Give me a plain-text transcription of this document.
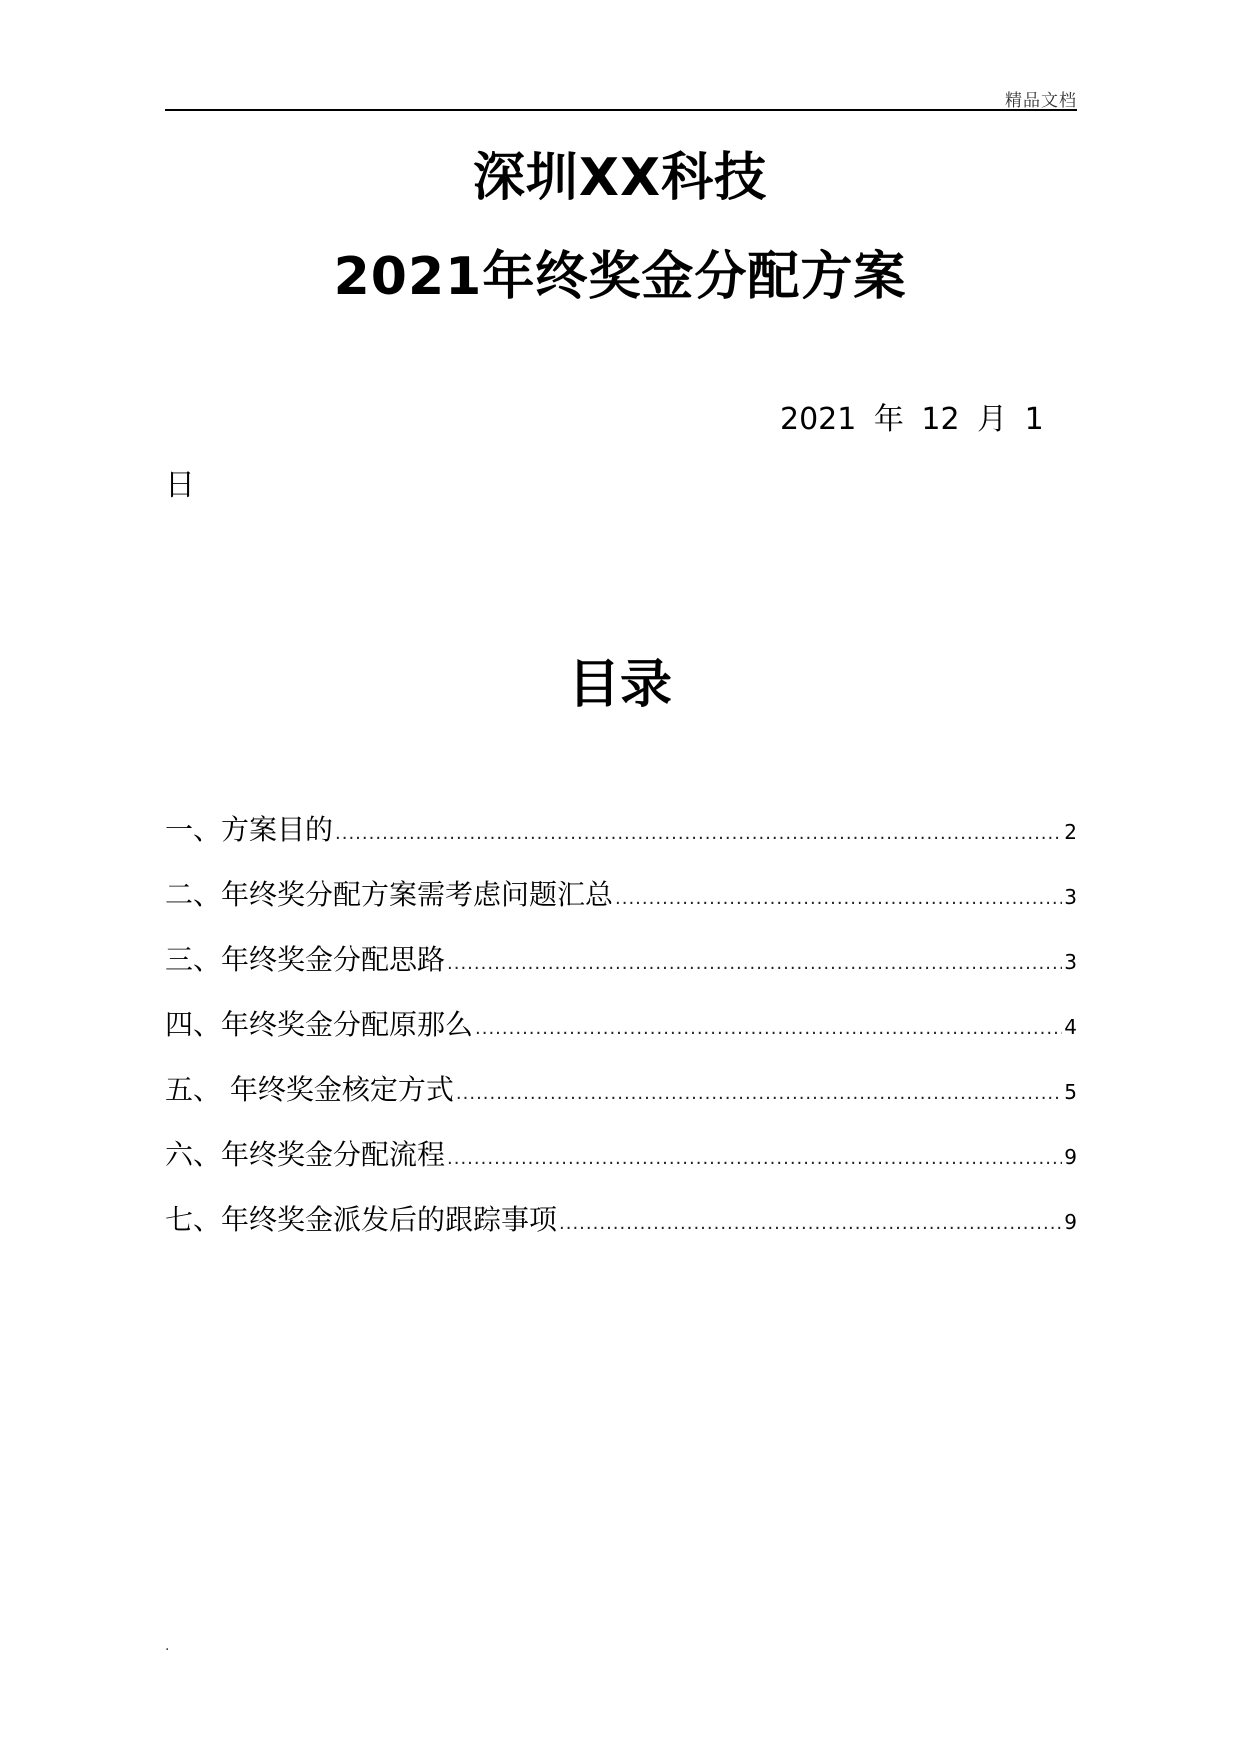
精品文档
深圳XX科技
2021年终奖金分配方案
2021 年 12 月 1
日
目录
一、方案目的 .....	2
二、年终奖分配方案需考虑问题汇总 .....	3
三、年终奖金分配思路 .....	3
四、年终奖金分配原那么 .....	4
五、 年终奖金核定方式 .....	5
六、年终奖金分配流程 .....	9
七、年终奖金派发后的跟踪事项 .....	9
.
